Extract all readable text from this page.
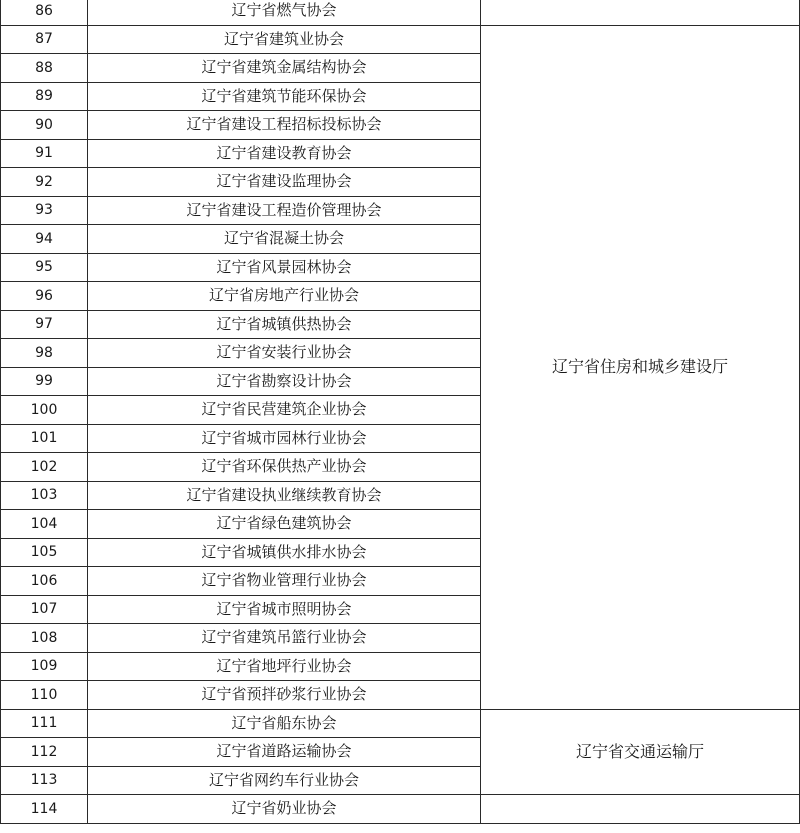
86	辽宁省燃气协会	
87	辽宁省建筑业协会	辽宁省住房和城乡建设厅
88	辽宁省建筑金属结构协会	
89	辽宁省建筑节能环保协会	
90	辽宁省建设工程招标投标协会	
91	辽宁省建设教育协会	
92	辽宁省建设监理协会	
93	辽宁省建设工程造价管理协会	
94	辽宁省混凝土协会	
95	辽宁省风景园林协会	
96	辽宁省房地产行业协会	
97	辽宁省城镇供热协会	
98	辽宁省安装行业协会	
99	辽宁省勘察设计协会	
100	辽宁省民营建筑企业协会	
101	辽宁省城市园林行业协会	
102	辽宁省环保供热产业协会	
103	辽宁省建设执业继续教育协会	
104	辽宁省绿色建筑协会	
105	辽宁省城镇供水排水协会	
106	辽宁省物业管理行业协会	
107	辽宁省城市照明协会	
108	辽宁省建筑吊篮行业协会	
109	辽宁省地坪行业协会	
110	辽宁省预拌砂浆行业协会	
111	辽宁省船东协会	辽宁省交通运输厅
112	辽宁省道路运输协会	
113	辽宁省网约车行业协会	
114	辽宁省奶业协会	
